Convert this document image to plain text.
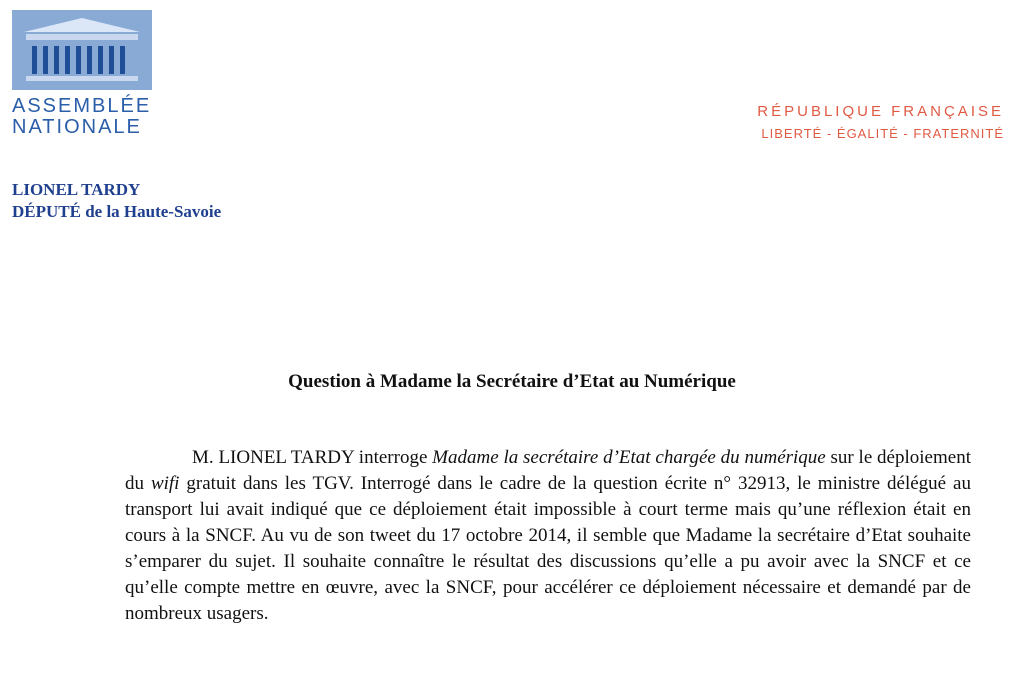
ASSEMBLÉE
NATIONALE
RÉPUBLIQUE FRANÇAISE
LIBERTÉ - ÉGALITÉ - FRATERNITÉ
LIONEL TARDY
DÉPUTÉ de la Haute-Savoie
Question à Madame la Secrétaire d’Etat au Numérique
M. LIONEL TARDY interroge Madame la secrétaire d’Etat chargée du numérique sur le déploiement du wifi gratuit dans les TGV. Interrogé dans le cadre de la question écrite n° 32913, le ministre délégué au transport lui avait indiqué que ce déploiement était impossible à court terme mais qu’une réflexion était en cours à la SNCF. Au vu de son tweet du 17 octobre 2014, il semble que Madame la secrétaire d’Etat souhaite s’emparer du sujet. Il souhaite connaître le résultat des discussions qu’elle a pu avoir avec la SNCF et ce qu’elle compte mettre en œuvre, avec la SNCF, pour accélérer ce déploiement nécessaire et demandé par de nombreux usagers.
